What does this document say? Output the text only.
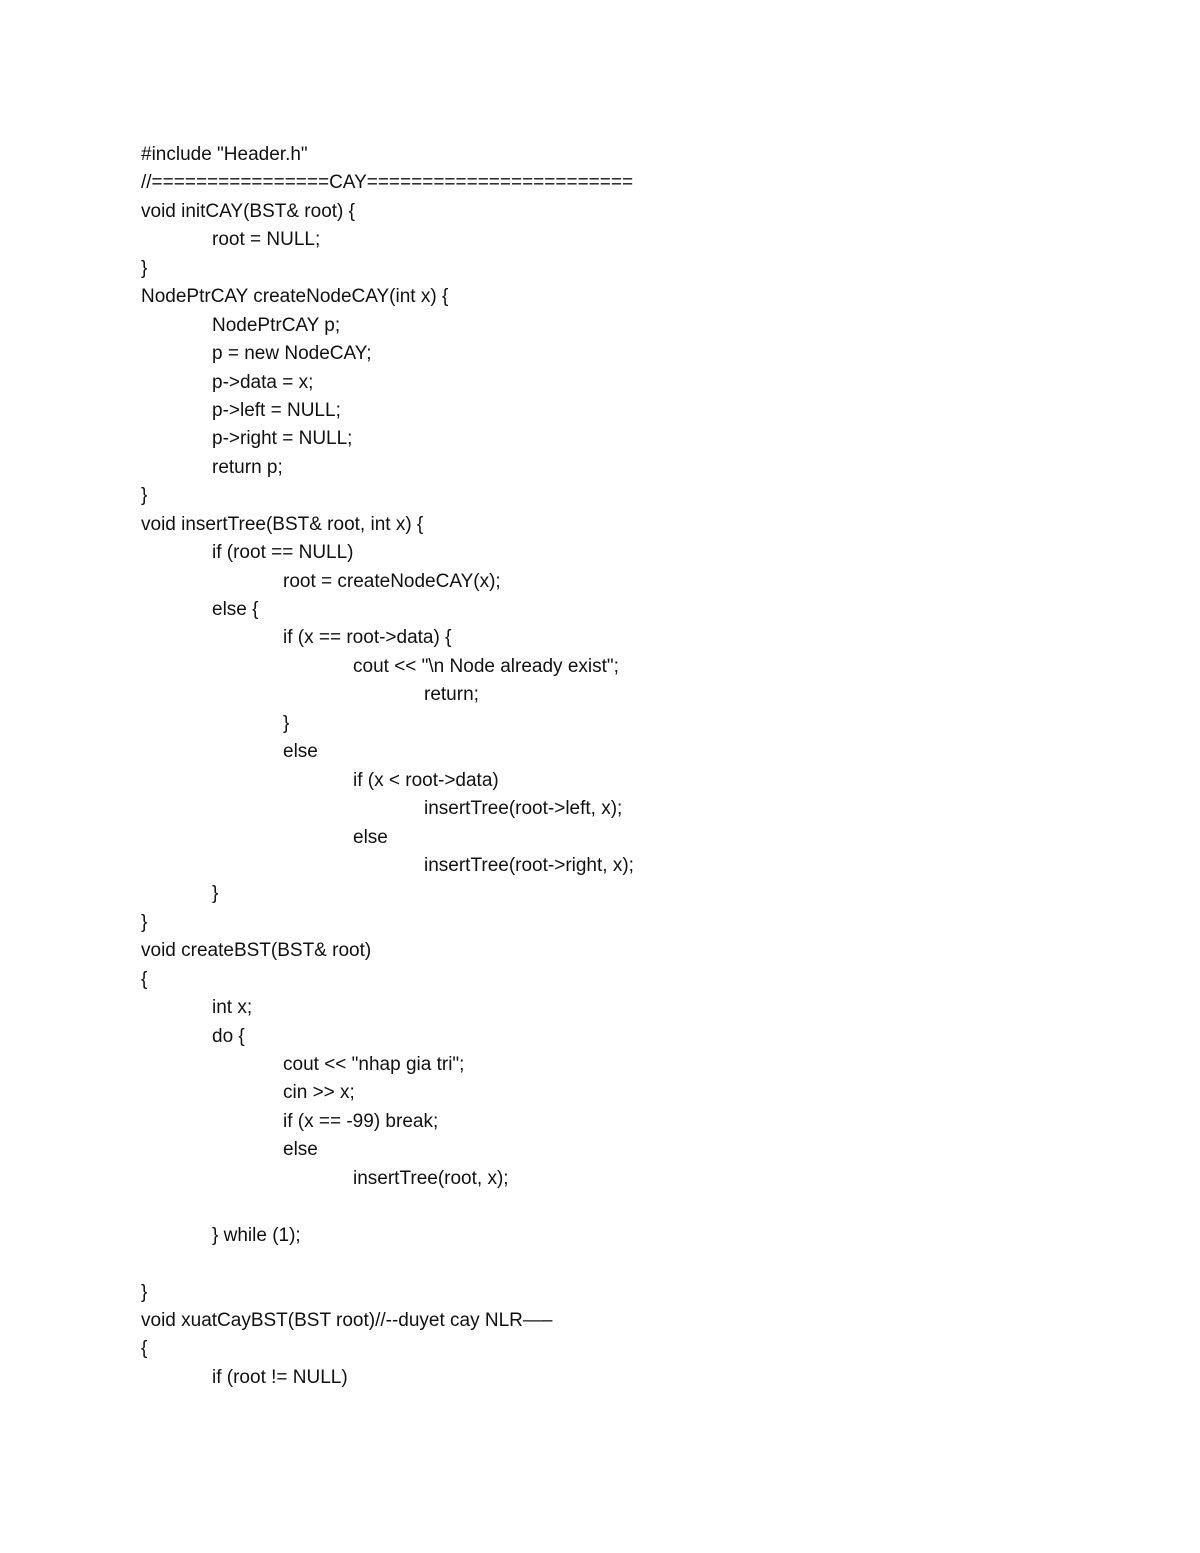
#include "Header.h"
//================CAY========================
void initCAY(BST& root) {
root = NULL;
}
NodePtrCAY createNodeCAY(int x) {
NodePtrCAY p;
p = new NodeCAY;
p->data = x;
p->left = NULL;
p->right = NULL;
return p;
}
void insertTree(BST& root, int x) {
if (root == NULL)
root = createNodeCAY(x);
else {
if (x == root->data) {
cout << "\n Node already exist";
return;
}
else
if (x < root->data)
insertTree(root->left, x);
else
insertTree(root->right, x);
}
}
void createBST(BST& root)
{
int x;
do {
cout << "nhap gia tri";
cin >> x;
if (x == -99) break;
else
insertTree(root, x);
} while (1);
}
void xuatCayBST(BST root)//--duyet cay NLR—–
{
if (root != NULL)
